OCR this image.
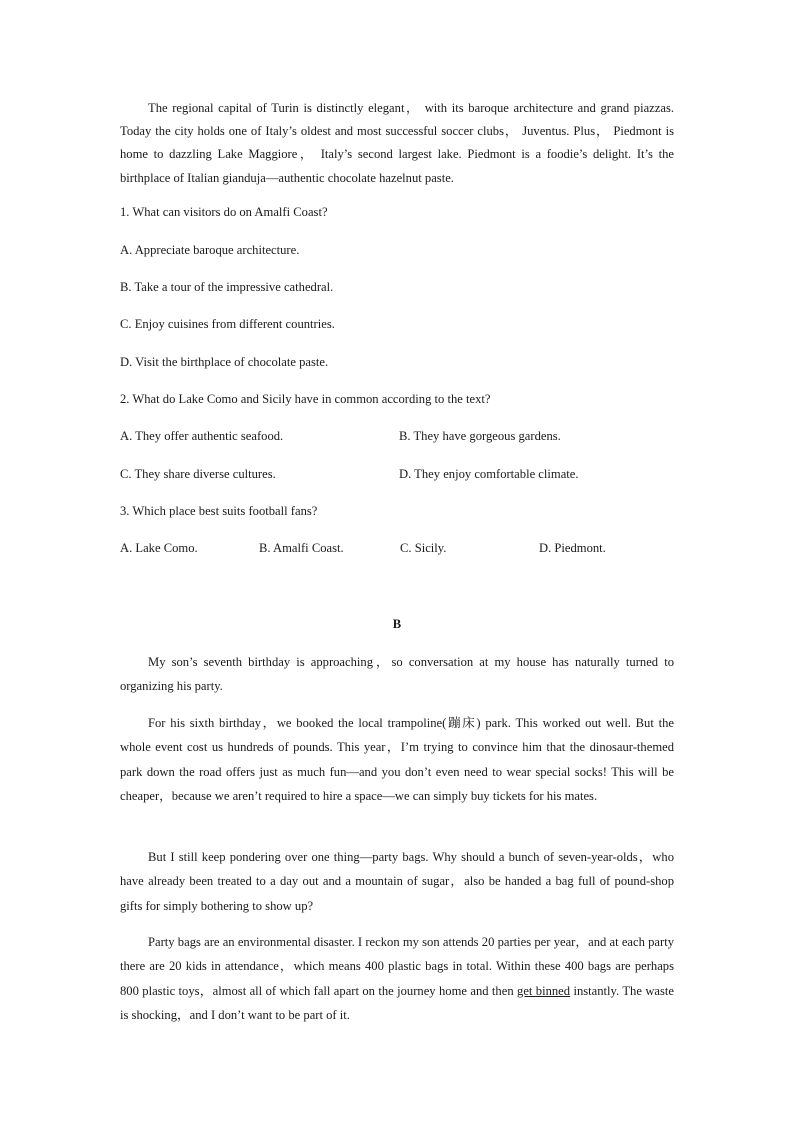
The regional capital of Turin is distinctly elegant， with its baroque architecture and grand piazzas. Today the city holds one of Italy’s oldest and most successful soccer clubs， Juventus. Plus， Piedmont is home to dazzling Lake Maggiore， Italy’s second largest lake. Piedmont is a foodie’s delight. It’s the birthplace of Italian gianduja—authentic chocolate hazelnut paste.

1. What can visitors do on Amalfi Coast?

A. Appreciate baroque architecture.

B. Take a tour of the impressive cathedral.

C. Enjoy cuisines from different countries.

D. Visit the birthplace of chocolate paste.

2. What do Lake Como and Sicily have in common according to the text?

A. They offer authentic seafood.	B. They have gorgeous gardens.

C. They share diverse cultures.	D. They enjoy comfortable climate.

3. Which place best suits football fans?

A. Lake Como.	B. Amalfi Coast.	C. Sicily.	D. Piedmont.

B

My son’s seventh birthday is approaching，so conversation at my house has naturally turned to organizing his party.

For his sixth birthday，we booked the local trampoline(蹦床) park. This worked out well. But the whole event cost us hundreds of pounds. This year，I’m trying to convince him that the dinosaur-themed park down the road offers just as much fun—and you don’t even need to wear special socks! This will be cheaper，because we aren’t required to hire a space—we can simply buy tickets for his mates.

But I still keep pondering over one thing—party bags. Why should a bunch of seven-year-olds，who have already been treated to a day out and a mountain of sugar，also be handed a bag full of pound-shop gifts for simply bothering to show up?

Party bags are an environmental disaster. I reckon my son attends 20 parties per year，and at each party there are 20 kids in attendance，which means 400 plastic bags in total. Within these 400 bags are perhaps 800 plastic toys，almost all of which fall apart on the journey home and then get binned instantly. The waste is shocking，and I don’t want to be part of it.
